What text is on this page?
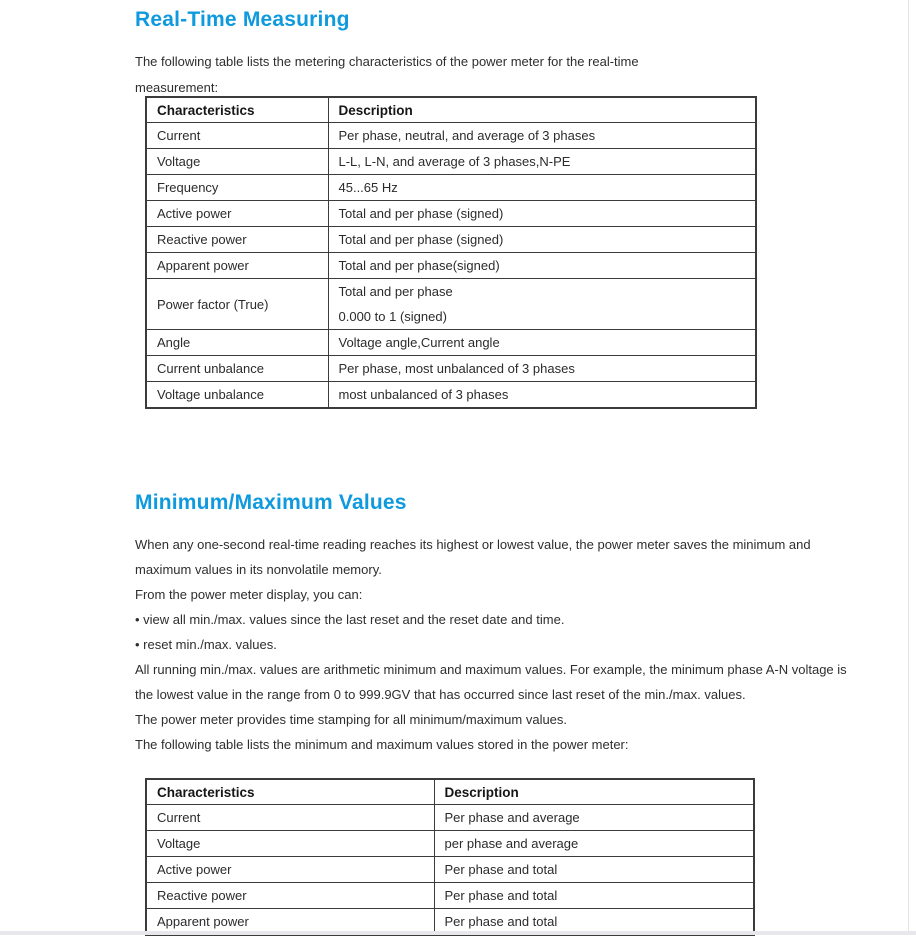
Real-Time Measuring
The following table lists the metering characteristics of the power meter for the real-time
measurement:
Characteristics	Description
Current	Per phase, neutral, and average of 3 phases

Voltage	L-L, L-N, and average of 3 phases,N-PE

Frequency	45...65 Hz

Active power	Total and per phase (signed)

Reactive power	Total and per phase (signed)

Apparent power	Total and per phase(signed)

Power factor (True)	Total and per phase
0.000 to 1 (signed)

Angle	Voltage angle,Current angle

Current unbalance	Per phase, most unbalanced of 3 phases

Voltage unbalance	most unbalanced of 3 phases
Minimum/Maximum Values
When any one-second real-time reading reaches its highest or lowest value, the power meter saves the minimum and
maximum values in its nonvolatile memory.
From the power meter display, you can:
• view all min./max. values since the last reset and the reset date and time.
• reset min./max. values.
All running min./max. values are arithmetic minimum and maximum values. For example, the minimum phase A-N voltage is
the lowest value in the range from 0 to 999.9GV that has occurred since last reset of the min./max. values.
The power meter provides time stamping for all minimum/maximum values.
The following table lists the minimum and maximum values stored in the power meter:
Characteristics	Description
Current	Per phase and average

Voltage	per phase and average

Active power	Per phase and total

Reactive power	Per phase and total

Apparent power	Per phase and total
